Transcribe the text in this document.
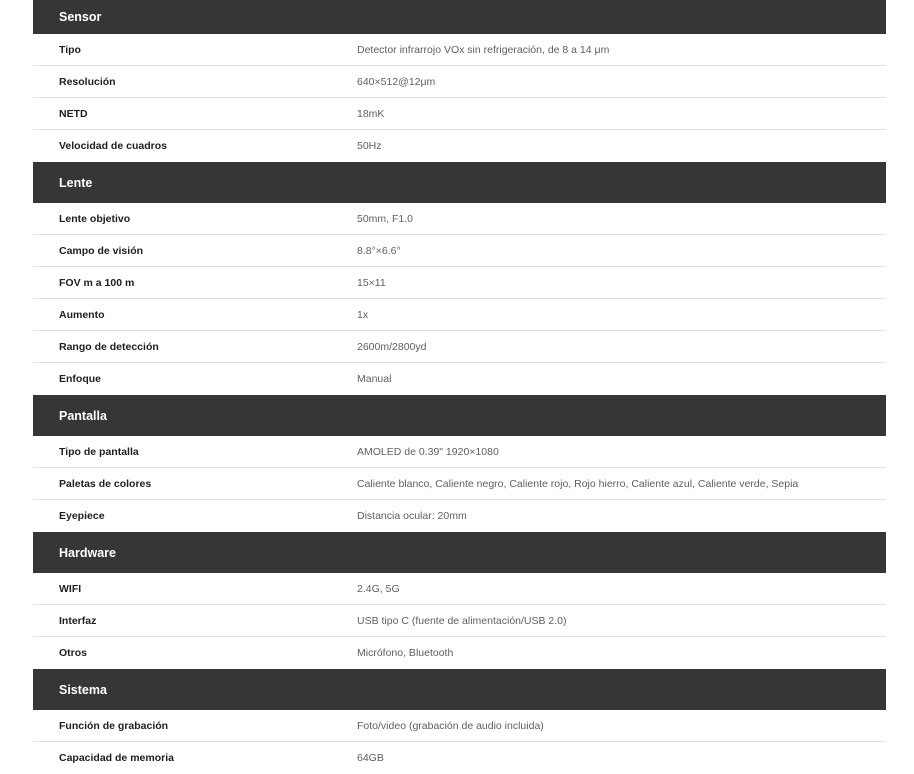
Sensor
Tipo	Detector infrarrojo VOx sin refrigeración, de 8 a 14 μm
Resolución	640×512@12μm
NETD	18mK
Velocidad de cuadros	50Hz
Lente
Lente objetivo	50mm, F1.0
Campo de visión	8.8°×6.6°
FOV m a 100 m	15×11
Aumento	1x
Rango de detección	2600m/2800yd
Enfoque	Manual
Pantalla
Tipo de pantalla	AMOLED de 0.39" 1920×1080
Paletas de colores	Caliente blanco, Caliente negro, Caliente rojo, Rojo hierro, Caliente azul, Caliente verde, Sepia
Eyepiece	Distancia ocular: 20mm
Hardware
WIFI	2.4G, 5G
Interfaz	USB tipo C (fuente de alimentación/USB 2.0)
Otros	Micrófono, Bluetooth
Sistema
Función de grabación	Foto/video (grabación de audio incluida)
Capacidad de memoria	64GB
